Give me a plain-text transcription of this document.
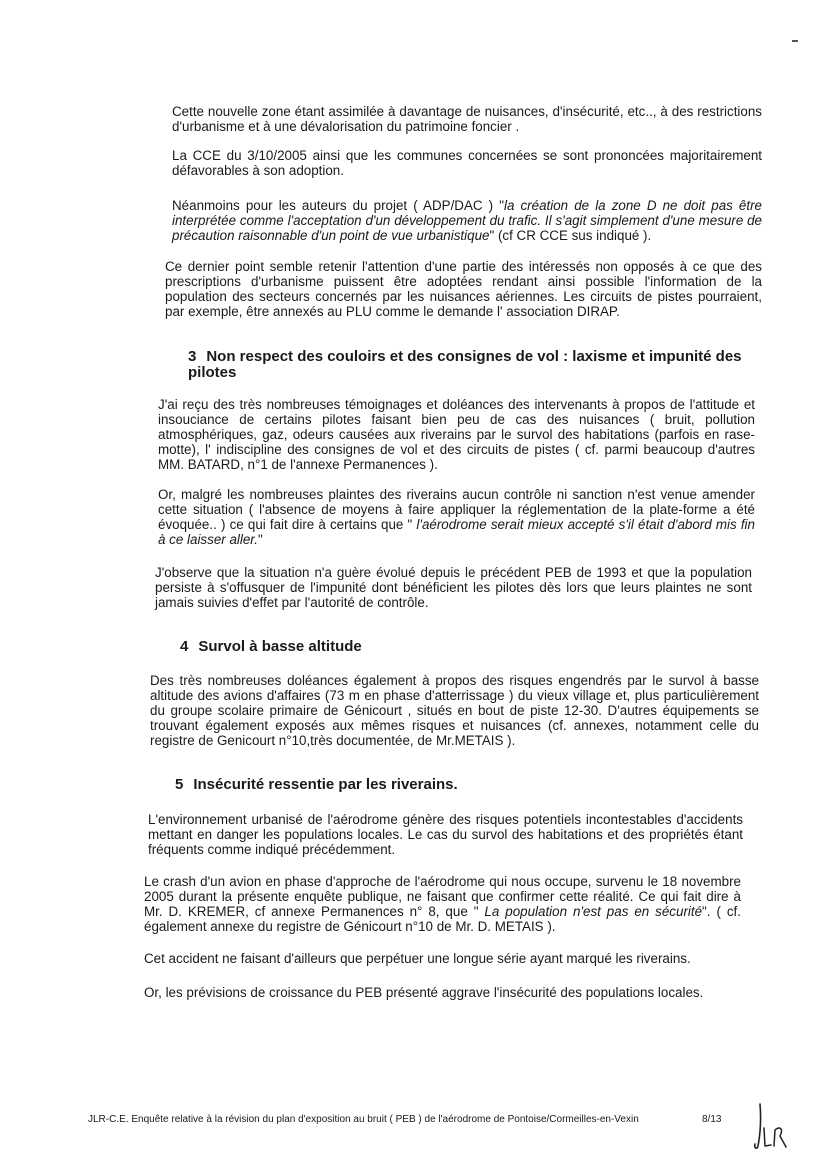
Cette nouvelle zone étant assimilée à davantage de nuisances, d'insécurité, etc.., à des restrictions d'urbanisme et à une dévalorisation du patrimoine foncier .

La CCE du 3/10/2005 ainsi que les communes concernées se sont prononcées majoritairement défavorables à son adoption.

Néanmoins pour les auteurs du projet ( ADP/DAC ) "la création de la zone D ne doit pas être interprétée comme l'acceptation d'un développement du trafic. Il s'agit simplement d'une mesure de précaution raisonnable d'un point de vue urbanistique" (cf CR CCE sus indiqué ).

Ce dernier point semble retenir l'attention d'une partie des intéressés non opposés à ce que des prescriptions d'urbanisme puissent être adoptées rendant ainsi possible l'information de la population des secteurs concernés par les nuisances aériennes. Les circuits de pistes pourraient, par exemple, être annexés au PLU comme le demande l' association DIRAP.

3 Non respect des couloirs et des consignes de vol : laxisme et impunité des pilotes

J'ai reçu des très nombreuses témoignages et doléances des intervenants à propos de l'attitude et insouciance de certains pilotes faisant bien peu de cas des nuisances ( bruit, pollution atmosphériques, gaz, odeurs causées aux riverains par le survol des habitations (parfois en rase-motte), l' indiscipline des consignes de vol et des circuits de pistes ( cf. parmi beaucoup d'autres MM. BATARD, n°1 de l'annexe Permanences ).

Or, malgré les nombreuses plaintes des riverains aucun contrôle ni sanction n'est venue amender cette situation ( l'absence de moyens à faire appliquer la réglementation de la plate-forme a été évoquée.. ) ce qui fait dire à certains que " l'aérodrome serait mieux accepté s'il était d'abord mis fin à ce laisser aller."

J'observe que la situation n'a guère évolué depuis le précédent PEB de 1993 et que la population persiste à s'offusquer de l'impunité dont bénéficient les pilotes dès lors que leurs plaintes ne sont jamais suivies d'effet par l'autorité de contrôle.

4 Survol à basse altitude

Des très nombreuses doléances également à propos des risques engendrés par le survol à basse altitude des avions d'affaires (73 m en phase d'atterrissage ) du vieux village et, plus particulièrement du groupe scolaire primaire de Génicourt , situés en bout de piste 12-30. D'autres équipements se trouvant également exposés aux mêmes risques et nuisances (cf. annexes, notamment celle du registre de Genicourt n°10,très documentée, de Mr.METAIS ).

5 Insécurité ressentie par les riverains.

L'environnement urbanisé de l'aérodrome génère des risques potentiels incontestables d'accidents mettant en danger les populations locales. Le cas du survol des habitations et des propriétés étant fréquents comme indiqué précédemment.

Le crash d'un avion en phase d'approche de l'aérodrome qui nous occupe, survenu le 18 novembre 2005 durant la présente enquête publique, ne faisant que confirmer cette réalité. Ce qui fait dire à Mr. D. KREMER, cf annexe Permanences n° 8, que " La population n'est pas en sécurité". ( cf. également annexe du registre de Génicourt n°10 de Mr. D. METAIS ).

Cet accident ne faisant d'ailleurs que perpétuer une longue série ayant marqué les riverains.

Or, les prévisions de croissance du PEB présenté aggrave l'insécurité des populations locales.

JLR-C.E. Enquête relative à la révision du plan d'exposition au bruit ( PEB ) de l'aérodrome de Pontoise/Cormeilles-en-Vexin	8/13
